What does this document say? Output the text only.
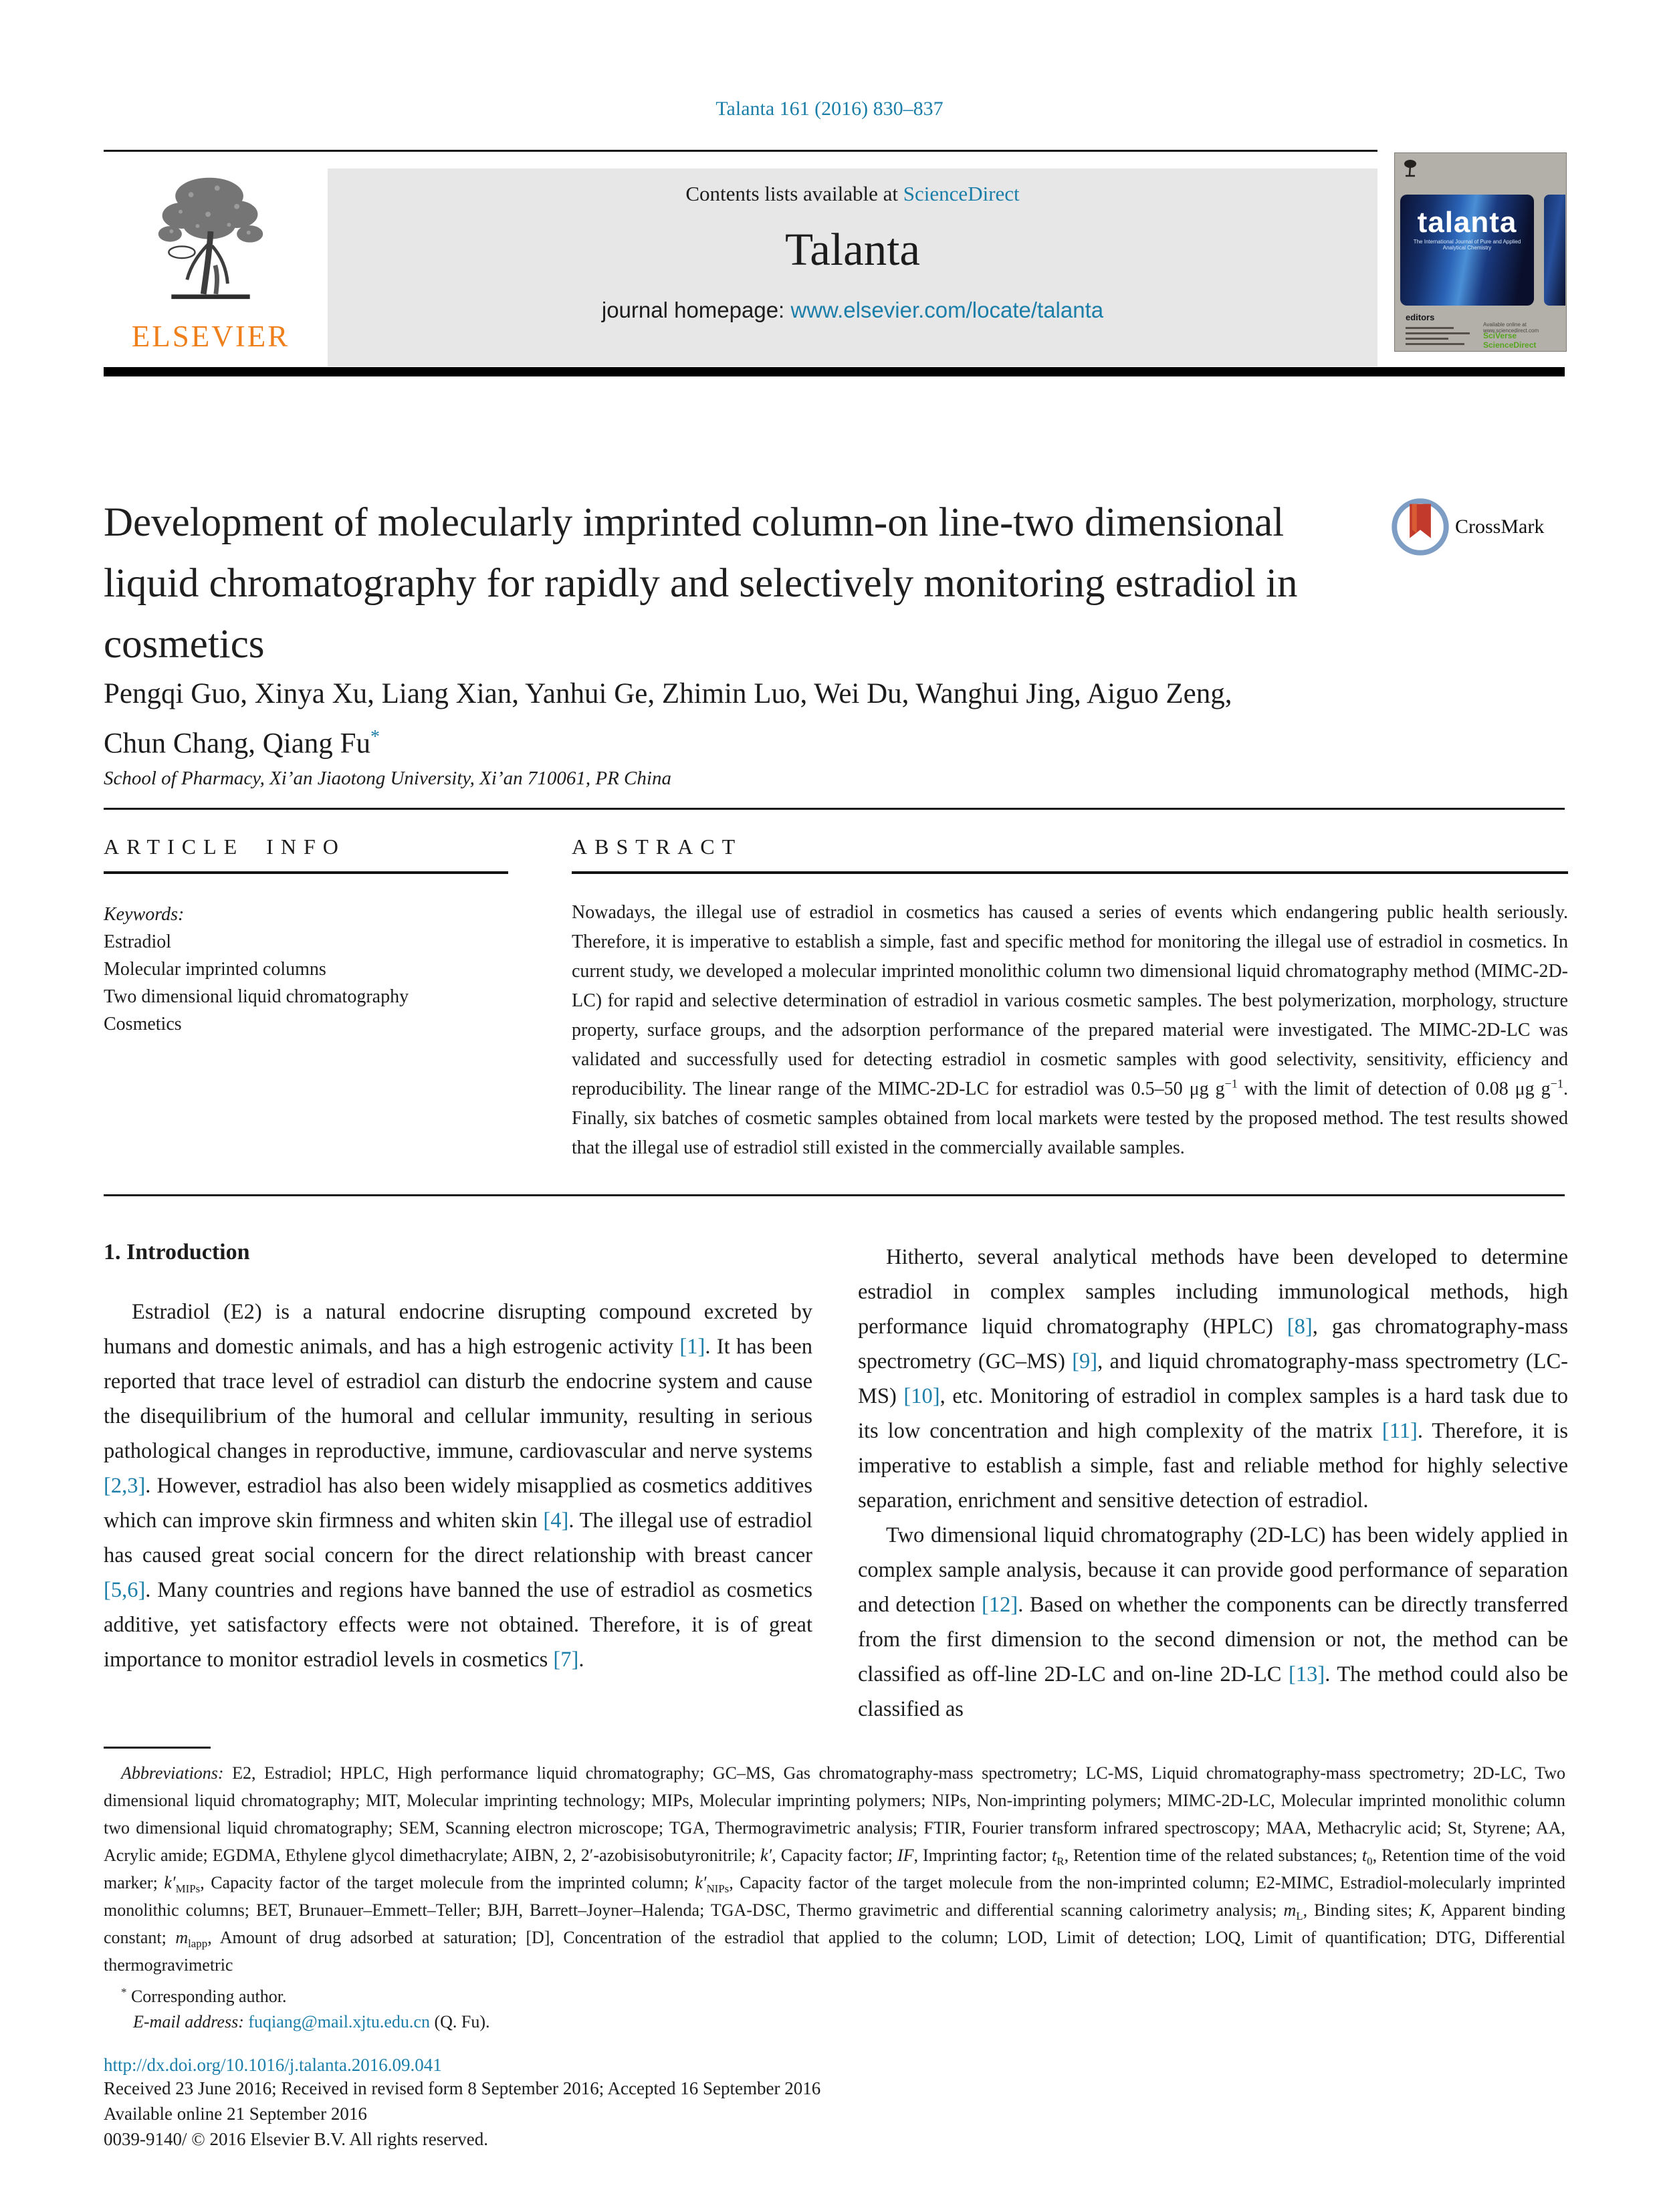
Talanta 161 (2016) 830–837
ELSEVIER
Contents lists available at ScienceDirect
Talanta
journal homepage: www.elsevier.com/locate/talanta
talanta
The International Journal of Pure and Applied Analytical Chemistry
editors
Available online at www.sciencedirect.com
SciVerse ScienceDirect
Development of molecularly imprinted column-on line-two dimensional liquid chromatography for rapidly and selectively monitoring estradiol in cosmetics
CrossMark
Pengqi Guo, Xinya Xu, Liang Xian, Yanhui Ge, Zhimin Luo, Wei Du, Wanghui Jing, Aiguo Zeng,
Chun Chang, Qiang Fu*
School of Pharmacy, Xi’an Jiaotong University, Xi’an 710061, PR China
ARTICLE INFO
Keywords:
Estradiol
Molecular imprinted columns
Two dimensional liquid chromatography
Cosmetics
ABSTRACT
Nowadays, the illegal use of estradiol in cosmetics has caused a series of events which endangering public health seriously. Therefore, it is imperative to establish a simple, fast and specific method for monitoring the illegal use of estradiol in cosmetics. In current study, we developed a molecular imprinted monolithic column two dimensional liquid chromatography method (MIMC-2D-LC) for rapid and selective determination of estradiol in various cosmetic samples. The best polymerization, morphology, structure property, surface groups, and the adsorption performance of the prepared material were investigated. The MIMC-2D-LC was validated and successfully used for detecting estradiol in cosmetic samples with good selectivity, sensitivity, efficiency and reproducibility. The linear range of the MIMC-2D-LC for estradiol was 0.5–50 μg $g^{-1}$ with the limit of detection of 0.08 μg $g^{-1}$. Finally, six batches of cosmetic samples obtained from local markets were tested by the proposed method. The test results showed that the illegal use of estradiol still existed in the commercially available samples.
1. Introduction

Estradiol (E2) is a natural endocrine disrupting compound excreted by humans and domestic animals, and has a high estrogenic activity [1]. It has been reported that trace level of estradiol can disturb the endocrine system and cause the disequilibrium of the humoral and cellular immunity, resulting in serious pathological changes in reproductive, immune, cardiovascular and nerve systems [2,3]. However, estradiol has also been widely misapplied as cosmetics additives which can improve skin firmness and whiten skin [4]. The illegal use of estradiol has caused great social concern for the direct relationship with breast cancer [5,6]. Many countries and regions have banned the use of estradiol as cosmetics additive, yet satisfactory effects were not obtained. Therefore, it is of great importance to monitor estradiol levels in cosmetics [7].

Hitherto, several analytical methods have been developed to determine estradiol in complex samples including immunological methods, high performance liquid chromatography (HPLC) [8], gas chromatography-mass spectrometry (GC–MS) [9], and liquid chromatography-mass spectrometry (LC-MS) [10], etc. Monitoring of estradiol in complex samples is a hard task due to its low concentration and high complexity of the matrix [11]. Therefore, it is imperative to establish a simple, fast and reliable method for highly selective separation, enrichment and sensitive detection of estradiol.

Two dimensional liquid chromatography (2D-LC) has been widely applied in complex sample analysis, because it can provide good performance of separation and detection [12]. Based on whether the components can be directly transferred from the first dimension to the second dimension or not, the method can be classified as off-line 2D-LC and on-line 2D-LC [13]. The method could also be classified as

Abbreviations: E2, Estradiol; HPLC, High performance liquid chromatography; GC–MS, Gas chromatography-mass spectrometry; LC-MS, Liquid chromatography-mass spectrometry; 2D-LC, Two dimensional liquid chromatography; MIT, Molecular imprinting technology; MIPs, Molecular imprinting polymers; NIPs, Non-imprinting polymers; MIMC-2D-LC, Molecular imprinted monolithic column two dimensional liquid chromatography; SEM, Scanning electron microscope; TGA, Thermogravimetric analysis; FTIR, Fourier transform infrared spectroscopy; MAA, Methacrylic acid; St, Styrene; AA, Acrylic amide; EGDMA, Ethylene glycol dimethacrylate; AIBN, 2, 2′-azobisisobutyronitrile; k′, Capacity factor; IF, Imprinting factor; $t_R$, Retention time of the related substances; $t_0$, Retention time of the void marker; $k'_{MIPs}$, Capacity factor of the target molecule from the imprinted column; $k'_{NIPs}$, Capacity factor of the target molecule from the non-imprinted column; E2-MIMC, Estradiol-molecularly imprinted monolithic columns; BET, Brunauer–Emmett–Teller; BJH, Barrett–Joyner–Halenda; TGA-DSC, Thermo gravimetric and differential scanning calorimetry analysis; $m_L$, Binding sites; K, Apparent binding constant; $m_{lapp}$, Amount of drug adsorbed at saturation; [D], Concentration of the estradiol that applied to the column; LOD, Limit of detection; LOQ, Limit of quantification; DTG, Differential thermogravimetric

* Corresponding author.

E-mail address: fuqiang@mail.xjtu.edu.cn (Q. Fu).

http://dx.doi.org/10.1016/j.talanta.2016.09.041
Received 23 June 2016; Received in revised form 8 September 2016; Accepted 16 September 2016
Available online 21 September 2016
0039-9140/ © 2016 Elsevier B.V. All rights reserved.
